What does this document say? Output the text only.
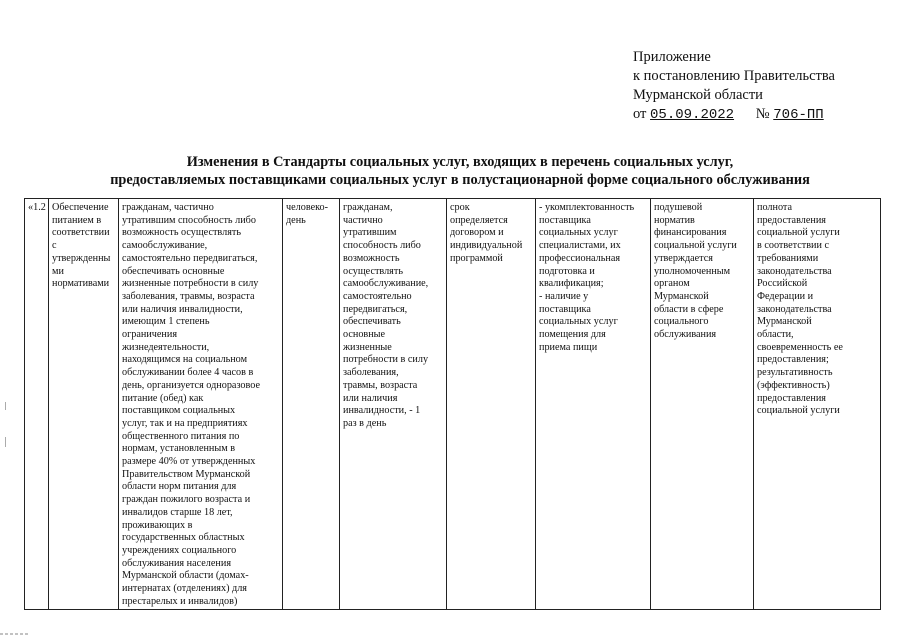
Приложение
к постановлению Правительства
Мурманской области
от 05.09.2022 № 706-ПП
Изменения в Стандарты социальных услуг, входящих в перечень социальных услуг,
предоставляемых поставщиками социальных услуг в полустационарной форме социального обслуживания
«1.2	Обеспечение
питанием в
соответствии с
утвержденными
нормативами

гражданам, частично
утратившим способность либо
возможность осуществлять
самообслуживание,
самостоятельно передвигаться,
обеспечивать основные
жизненные потребности в силу
заболевания, травмы, возраста
или наличия инвалидности,
имеющим 1 степень
ограничения
жизнедеятельности,
находящимся на социальном
обслуживании более 4 часов в
день, организуется одноразовое
питание (обед) как
поставщиком социальных
услуг, так и на предприятиях
общественного питания по
нормам, установленным в
размере 40% от утвержденных
Правительством Мурманской
области норм питания для
граждан пожилого возраста и
инвалидов старше 18 лет,
проживающих в
государственных областных
учреждениях социального
обслуживания населения
Мурманской области (домах-
интернатах (отделениях) для
престарелых и инвалидов)

человеко-
день

гражданам,
частично
утратившим
способность либо
возможность
осуществлять
самообслуживание,
самостоятельно
передвигаться,
обеспечивать
основные
жизненные
потребности в силу
заболевания,
травмы, возраста
или наличия
инвалидности, - 1
раз в день

срок
определяется
договором и
индивидуальной
программой

- укомплектованность
поставщика
социальных услуг
специалистами, их
профессиональная
подготовка и
квалификация;
- наличие у
поставщика
социальных услуг
помещения для
приема пищи

подушевой
норматив
финансирования
социальной услуги
утверждается
уполномоченным
органом
Мурманской
области в сфере
социального
обслуживания

полнота
предоставления
социальной услуги
в соответствии с
требованиями
законодательства
Российской
Федерации и
законодательства
Мурманской
области,
своевременность ее
предоставления;
результативность
(эффективность)
предоставления
социальной услуги
